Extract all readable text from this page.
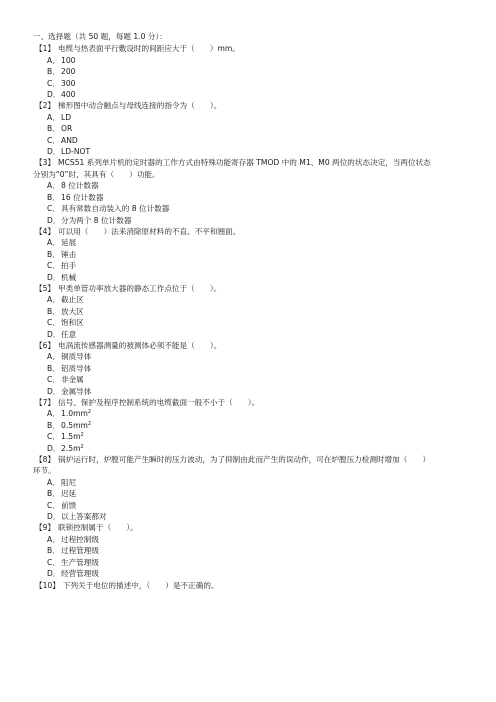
一、选择题（共 50 题，每题 1.0 分）：
【1】 电缆与热表面平行敷设时的间距应大于（　　）mm。
A．100
B．200
C．300
D．400
【2】 梯形图中动合触点与母线连接的指令为（　　）。
A．LD
B．OR
C．AND
D．LD-NOT
【3】 MCS51 系列单片机的定时器的工作方式由特殊功能寄存器 TMOD 中的 M1、M0 两位的状态决定，当两位状态
分别为“0”时，其具有（　　）功能。
A．8 位计数器
B．16 位计数器
C．具有常数自动装入的 8 位计数器
D．分为两个 8 位计数器
【4】 可以用（　　）法来消除原材料的不直、不平和翘面。
A．延展
B．锤击
C．拍手
D．机械
【5】 甲类单管功率放大器的静态工作点位于（　　）。
A．截止区
B．放大区
C．饱和区
D．任意
【6】 电涡流传感器测量的被测体必须不能是（　　）。
A．铜质导体
B．铝质导体
C．非金属
D．金属导体
【7】 信号、保护及程序控制系统的电缆截面一般不小于（　　）。
A．$1.0mm^2$
B．$0.5mm^2$
C．$1.5m^2$
D．$2.5m^2$
【8】 锅炉运行时，炉膛可能产生瞬时的压力波动，为了抑制由此而产生的误动作，可在炉膛压力检测时增加（　　）
环节。
A．阻尼
B．迟延
C．前馈
D．以上答案都对
【9】 联锁控制属于（　　）。
A．过程控制级
B．过程管理级
C．生产管理级
D．经营管理级
【10】 下列关于电位的描述中，（　　）是不正确的。
